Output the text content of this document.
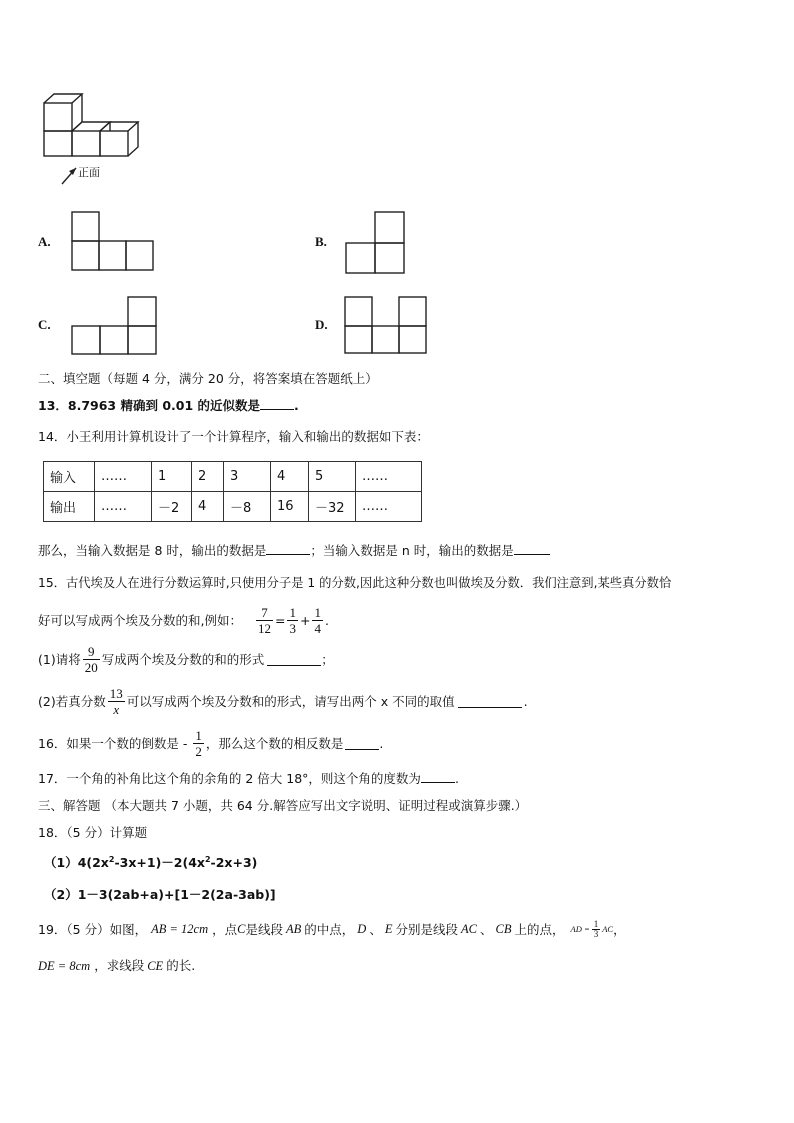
正面
A.	B.
C.	D.
二、填空题（每题 4 分，满分 20 分，将答案填在答题纸上）
13．8.7963 精确到 0.01 的近似数是	.
14．小王利用计算机设计了一个计算程序，输入和输出的数据如下表：
输入	……	1	2	3	4	5	……
输出	……	－2	4	－8	16	－32	……
那么，当输入数据是 8 时，输出的数据是	；当输入数据是 n 时，输出的数据是
15．古代埃及人在进行分数运算时,只使用分子是 1 的分数,因此这种分数也叫做埃及分数．我们注意到,某些真分数恰
好可以写成两个埃及分数的和,例如： $\frac{7}{12} = \frac{1}{3} + \frac{1}{4}$ .
(1)请将 $\frac{9}{20}$ 写成两个埃及分数的和的形式	；
(2)若真分数 $\frac{13}{x}$ 可以写成两个埃及分数和的形式，请写出两个 x 不同的取值	.
16．如果一个数的倒数是 - $\frac{1}{2}$ ，那么这个数的相反数是	.
17．一个角的补角比这个角的余角的 2 倍大 18°，则这个角的度数为	.
三、解答题 （本大题共 7 小题，共 64 分.解答应写出文字说明、证明过程或演算步骤.）
18．（5 分）计算题
$(1)4(2x^2-3x+1)-2(4x^2-2x+3)$
（2）1－3(2ab+a)+[1－2(2a-3ab)]
19．（5 分）如图， AB = 12cm ，点 C 是线段 AB 的中点， D 、 E 分别是线段 AC 、 CB 上的点， AD = $\frac{1}{3}$ AC ，
DE = 8cm ，求线段 CE 的长.
